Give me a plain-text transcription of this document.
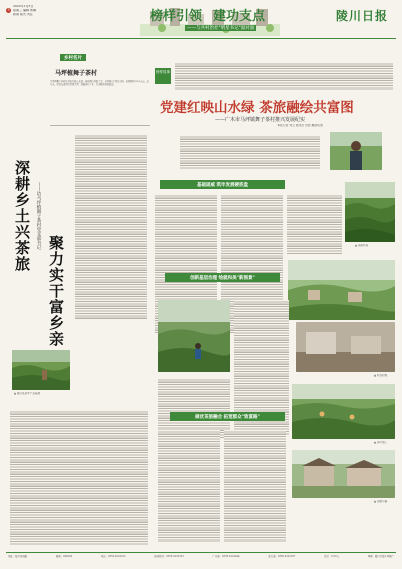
3
2022年1月5日
星期三 编辑 周琳
新闻 版式 责任	榜样引领 建功支点
——与共村治社"明星书记"面对面
陵川日报
乡村名片
马坪植舞子茶村
马坪植舞子茶村位于陵川县东北部，地处群山环抱之中，全村辖6个村民小组，茶园面积2000余亩。近年来，村党支部坚持党建引领，发展茶叶产业，带动群众增收致富。
深耕乡土兴茶旅	——访马坪植舞子茶村党支部书记
聚力实干富乡亲
▲ 陵川县茶叶产业基地
榜样故事
党建红映山水绿 茶旅融绘共富图
——广木市马坪镇舞子茶村推兴发展纪实
本报记者 刘云 通讯员 田毅 摄影报道
基础固威 筑牢发展硬底盘
▲ 茶园风景
创新基层治理 绘就和美"新图景"
▲ 村容村貌
做优茶旅融合 拓宽群众"致富路"
▲ 茶叶加工
▲ 茶旅小镇
地址：陵川县城路	邮编：048300	电话：0356-6222222	新闻热线：0356-6222333	广告部：0356-6222444	发行部：0356-6222555	定价：0.50元	印刷：陵川日报社印刷厂
